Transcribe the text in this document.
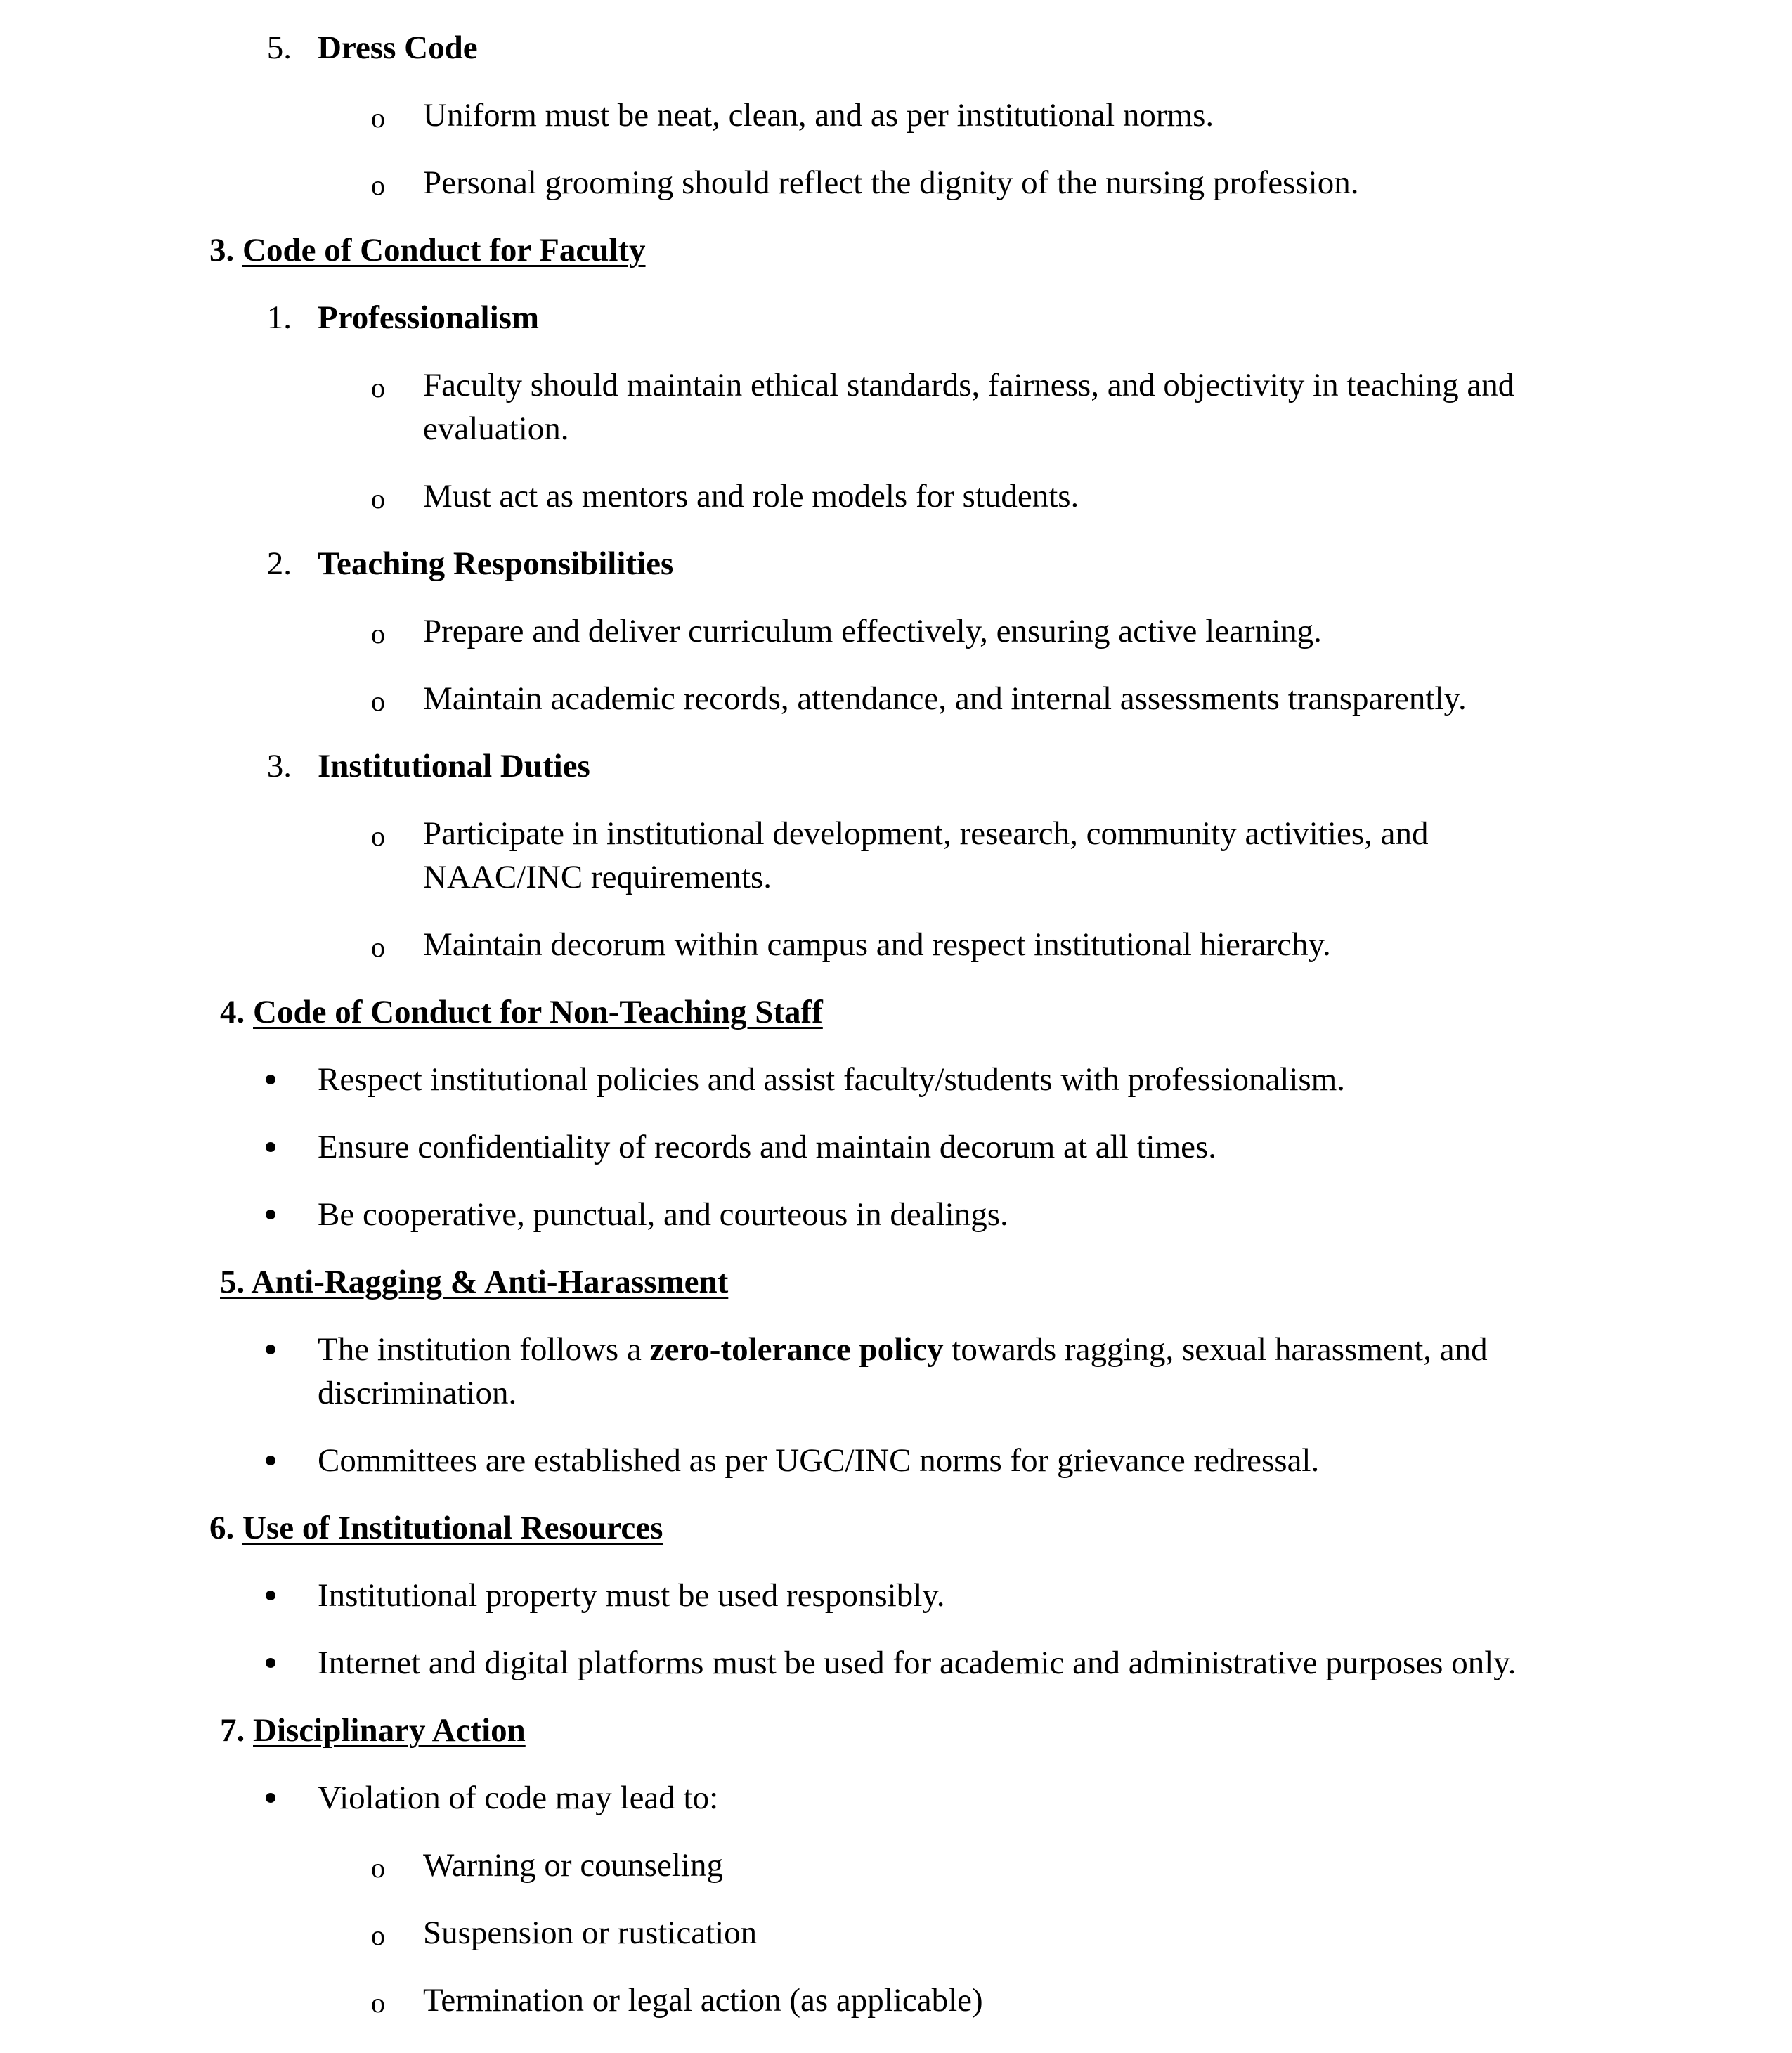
5. Dress Code
o Uniform must be neat, clean, and as per institutional norms.
o Personal grooming should reflect the dignity of the nursing profession.
3. Code of Conduct for Faculty
1. Professionalism
o Faculty should maintain ethical standards, fairness, and objectivity in teaching and
evaluation.
o Must act as mentors and role models for students.
2. Teaching Responsibilities
o Prepare and deliver curriculum effectively, ensuring active learning.
o Maintain academic records, attendance, and internal assessments transparently.
3. Institutional Duties
o Participate in institutional development, research, community activities, and
NAAC/INC requirements.
o Maintain decorum within campus and respect institutional hierarchy.
4. Code of Conduct for Non-Teaching Staff
Respect institutional policies and assist faculty/students with professionalism.
Ensure confidentiality of records and maintain decorum at all times.
Be cooperative, punctual, and courteous in dealings.
5. Anti-Ragging & Anti-Harassment
The institution follows a zero-tolerance policy towards ragging, sexual harassment, and
discrimination.
Committees are established as per UGC/INC norms for grievance redressal.
6. Use of Institutional Resources
Institutional property must be used responsibly.
Internet and digital platforms must be used for academic and administrative purposes only.
7. Disciplinary Action
Violation of code may lead to:
o Warning or counseling
o Suspension or rustication
o Termination or legal action (as applicable)
